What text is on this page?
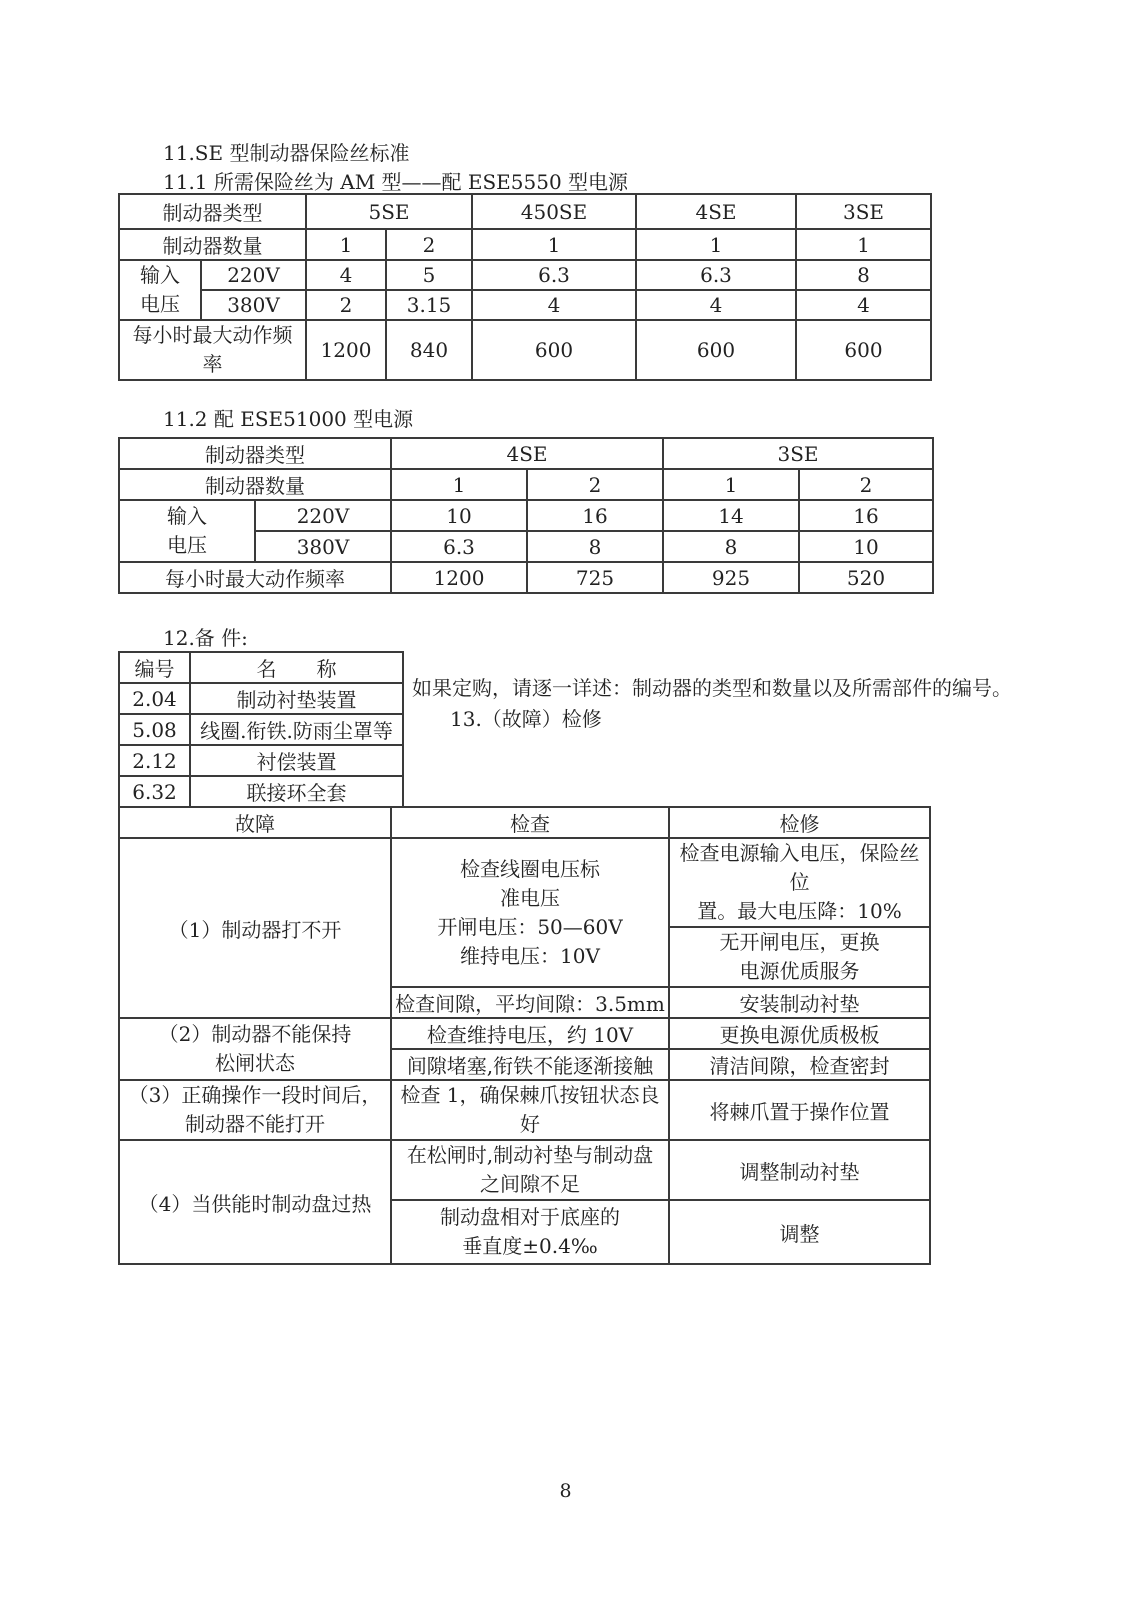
11.SE 型制动器保险丝标准
11.1 所需保险丝为 AM 型——配 ESE5550 型电源
制动器类型		5SE		450SE	4SE	3SE
制动器数量		1	2	1	1	1

输入
电压	220V	4	5	6.3	6.3	8
	380V	2	3.15	4	4	4

每小时最大动作频
率		1200	840	600	600	600
11.2 配 ESE51000 型电源
制动器类型		4SE		3SE	
制动器数量		1	2	1	2

输入
电压	220V	10	16	14	16
	380V	6.3	8	8	10
每小时最大动作频率		1200	725	925	520
12.备 件:
编号	名　　称
2.04	制动衬垫装置
5.08	线圈.衔铁.防雨尘罩等
2.12	衬偿装置
6.32	联接环全套
如果定购，请逐一详述：制动器的类型和数量以及所需部件的编号。
13.（故障）检修
故障	检查	检修
（1）制动器打不开	检查线圈电压标
准电压
开闸电压：50—60V
维持电压：10V	检查电源输入电压，保险丝位
置。最大电压降：10%

		无开闸电压，更换
电源优质服务

	检查间隙，平均间隙：3.5mm	安装制动衬垫

（2）制动器不能保持
松闸状态	检查维持电压，约 10V	更换电源优质极板
	间隙堵塞,衔铁不能逐渐接触	清洁间隙，检查密封

（3）正确操作一段时间后，
制动器不能打开	检查 1，确保棘爪按钮状态良
好	将棘爪置于操作位置
（4）当供能时制动盘过热	在松闸时,制动衬垫与制动盘
之间隙不足	调整制动衬垫

	制动盘相对于底座的
垂直度±0.4‰	调整
8
